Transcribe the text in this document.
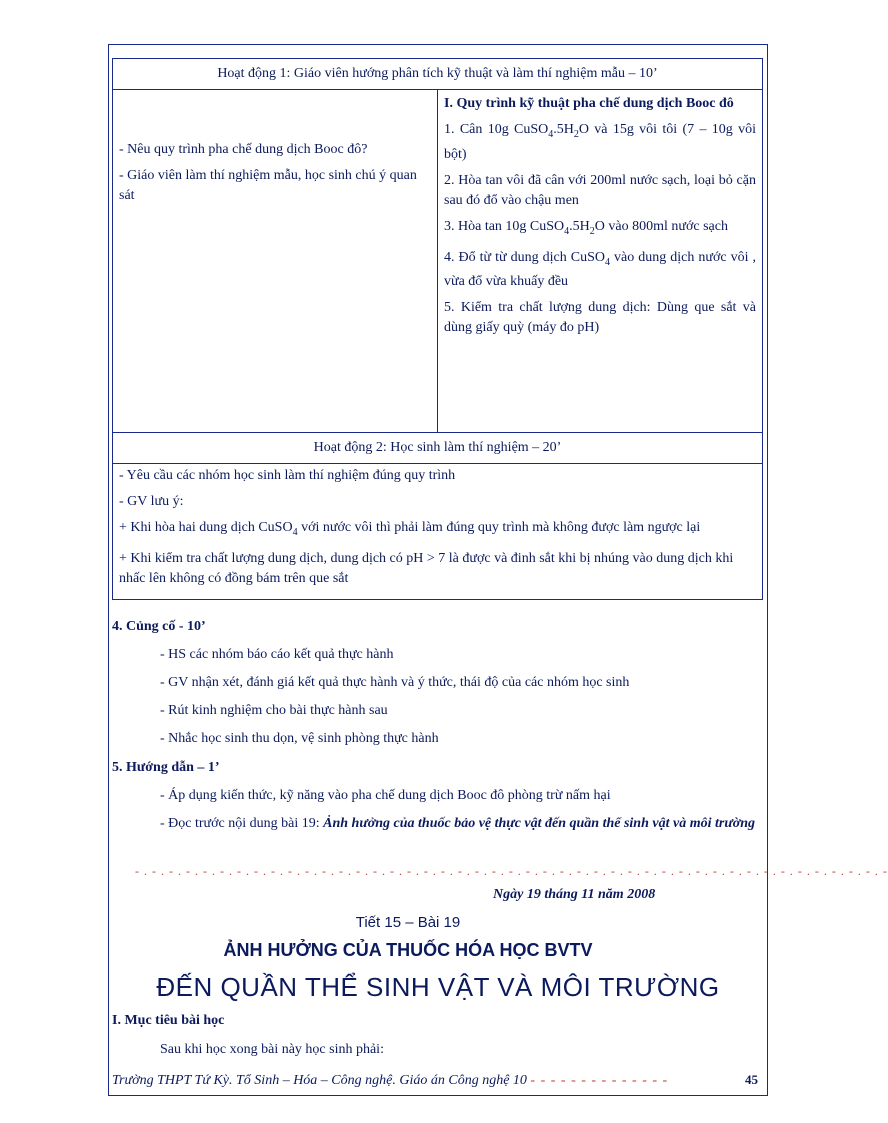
Hoạt động 1: Giáo viên hướng phân tích kỹ thuật và làm thí nghiệm mẫu – 10’

- Nêu quy trình pha chế dung dịch Booc đô?

- Giáo viên làm thí nghiệm mẫu, học sinh chú ý quan sát

I. Quy trình kỹ thuật pha chế dung dịch Booc đô

1. Cân 10g $CuSO_4.5H_2O$ và 15g vôi tôi (7 – 10g vôi bột)

2. Hòa tan vôi đã cân với 200ml nước sạch, loại bỏ cặn sau đó đổ vào chậu men

3. Hòa tan 10g $CuSO_4.5H_2O$ vào 800ml nước sạch

4. Đổ từ từ dung dịch CuSO$_4$ vào dung dịch nước vôi , vừa đổ vừa khuấy đều

5. Kiểm tra chất lượng dung dịch: Dùng que sắt và dùng giấy quỳ (máy đo pH)

Hoạt động 2: Học sinh làm thí nghiệm – 20’

- Yêu cầu các nhóm học sinh làm thí nghiệm đúng quy trình

- GV lưu ý:

+ Khi hòa hai dung dịch CuSO$_4$ với nước vôi thì phải làm đúng quy trình mà không được làm ngược lại

+ Khi kiểm tra chất lượng dung dịch, dung dịch có pH > 7 là được và đinh sắt khi bị nhúng vào dung dịch khi nhấc lên không có đồng bám trên que sắt

4. Củng cố - 10’
- HS các nhóm báo cáo kết quả thực hành
- GV nhận xét, đánh giá kết quả thực hành và ý thức, thái độ của các nhóm học sinh
- Rút kinh nghiệm cho bài thực hành sau
- Nhắc học sinh thu dọn, vệ sinh phòng thực hành
5. Hướng dẫn – 1’
- Áp dụng kiến thức, kỹ năng vào pha chế dung dịch Booc đô phòng trừ nấm hại
- Đọc trước nội dung bài 19: Ảnh hưởng của thuốc bảo vệ thực vật đến quần thể sinh vật và môi trường
- . - . - . - . - . - . - . - . - . - . - . - . - . - . - . - . - . - . - . - . - . - . - . - . - . - . - . - . - . - . - . - . - . - . - . - . - . - . - . - . - . - . - . - . -
Ngày 19 tháng 11 năm 2008
Tiết 15 – Bài 19
ẢNH HƯỞNG CỦA THUỐC HÓA HỌC BVTV
ĐẾN QUẦN THỂ SINH VẬT VÀ MÔI TRƯỜNG
I. Mục tiêu bài học
Sau khi học xong bài này học sinh phải:
Trường THPT Tứ Kỳ. Tổ Sinh – Hóa – Công nghệ. Giáo án Công nghệ 10 - - - - - - - - - - - - - -	45
